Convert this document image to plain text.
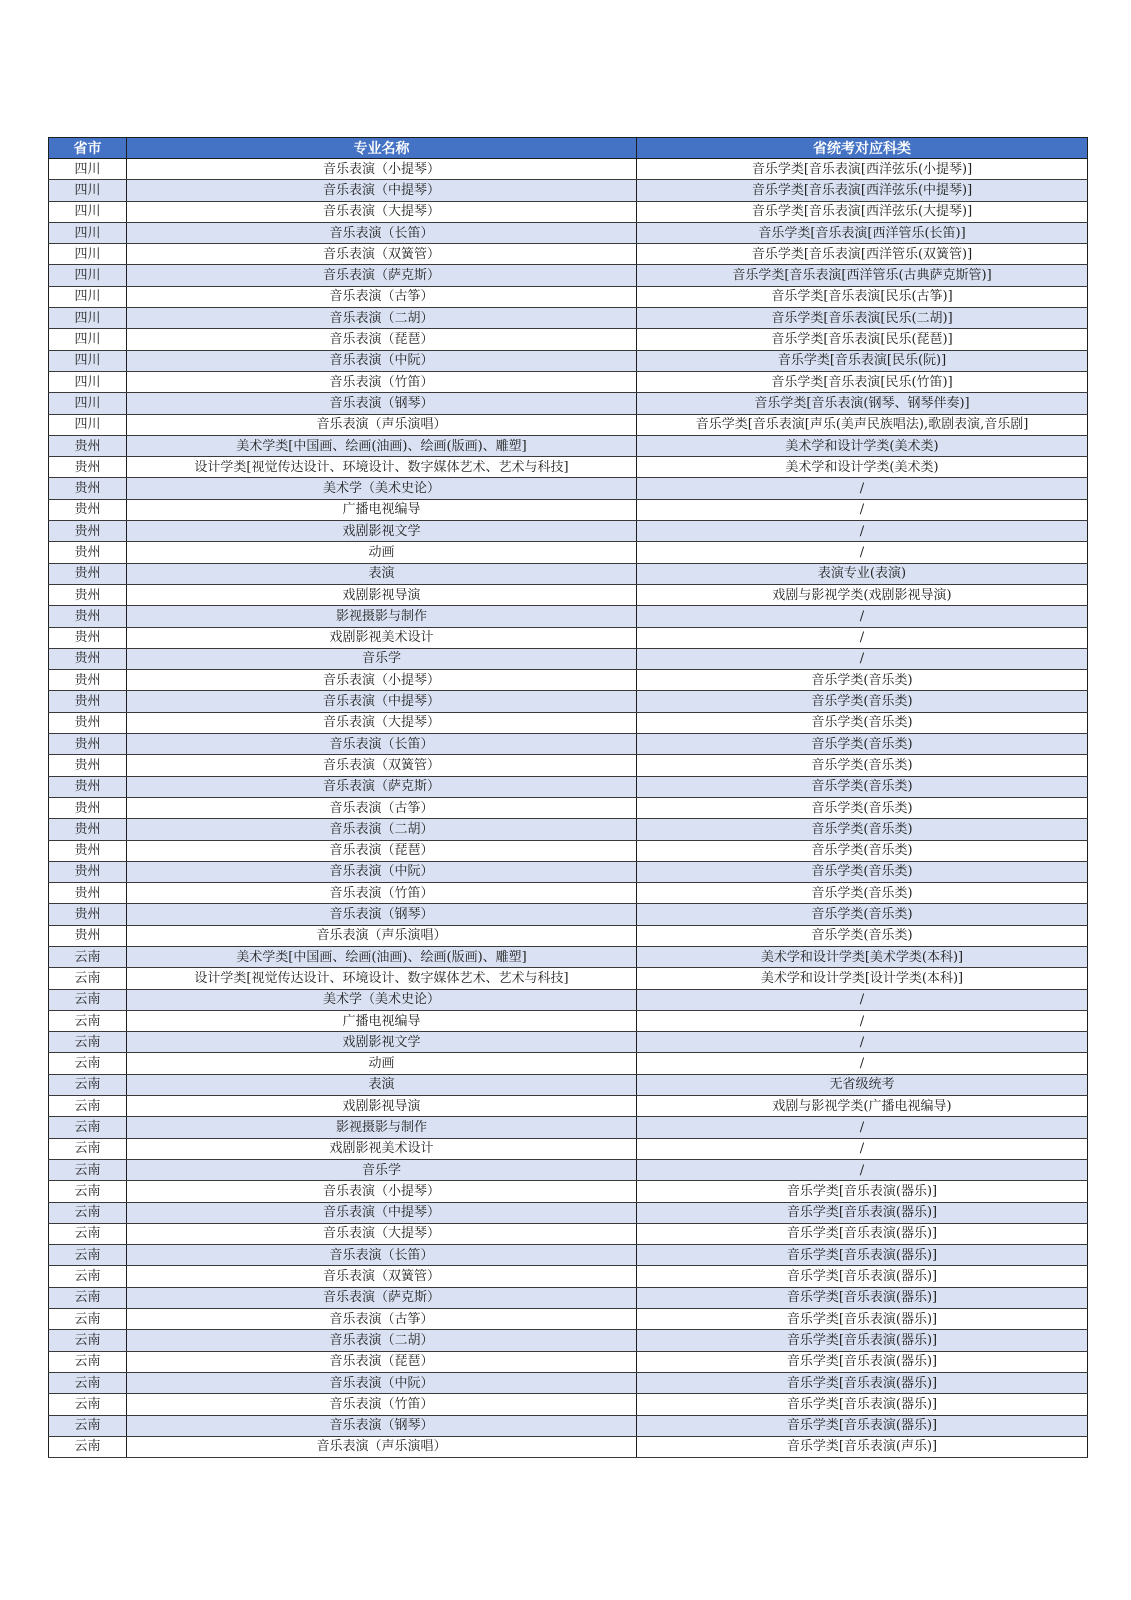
省市	专业名称	省统考对应科类
四川	音乐表演（小提琴）	音乐学类[音乐表演[西洋弦乐(小提琴)]
四川	音乐表演（中提琴）	音乐学类[音乐表演[西洋弦乐(中提琴)]
四川	音乐表演（大提琴）	音乐学类[音乐表演[西洋弦乐(大提琴)]
四川	音乐表演（长笛）	音乐学类[音乐表演[西洋管乐(长笛)]
四川	音乐表演（双簧管）	音乐学类[音乐表演[西洋管乐(双簧管)]
四川	音乐表演（萨克斯）	音乐学类[音乐表演[西洋管乐(古典萨克斯管)]
四川	音乐表演（古筝）	音乐学类[音乐表演[民乐(古筝)]
四川	音乐表演（二胡）	音乐学类[音乐表演[民乐(二胡)]
四川	音乐表演（琵琶）	音乐学类[音乐表演[民乐(琵琶)]
四川	音乐表演（中阮）	音乐学类[音乐表演[民乐(阮)]
四川	音乐表演（竹笛）	音乐学类[音乐表演[民乐(竹笛)]
四川	音乐表演（钢琴）	音乐学类[音乐表演(钢琴、钢琴伴奏)]
四川	音乐表演（声乐演唱）	音乐学类[音乐表演[声乐(美声民族唱法),歌剧表演,音乐剧]
贵州	美术学类[中国画、绘画(油画)、绘画(版画)、雕塑]	美术学和设计学类(美术类)
贵州	设计学类[视觉传达设计、环境设计、数字媒体艺术、艺术与科技]	美术学和设计学类(美术类)
贵州	美术学（美术史论）	/
贵州	广播电视编导	/
贵州	戏剧影视文学	/
贵州	动画	/
贵州	表演	表演专业(表演)
贵州	戏剧影视导演	戏剧与影视学类(戏剧影视导演)
贵州	影视摄影与制作	/
贵州	戏剧影视美术设计	/
贵州	音乐学	/
贵州	音乐表演（小提琴）	音乐学类(音乐类)
贵州	音乐表演（中提琴）	音乐学类(音乐类)
贵州	音乐表演（大提琴）	音乐学类(音乐类)
贵州	音乐表演（长笛）	音乐学类(音乐类)
贵州	音乐表演（双簧管）	音乐学类(音乐类)
贵州	音乐表演（萨克斯）	音乐学类(音乐类)
贵州	音乐表演（古筝）	音乐学类(音乐类)
贵州	音乐表演（二胡）	音乐学类(音乐类)
贵州	音乐表演（琵琶）	音乐学类(音乐类)
贵州	音乐表演（中阮）	音乐学类(音乐类)
贵州	音乐表演（竹笛）	音乐学类(音乐类)
贵州	音乐表演（钢琴）	音乐学类(音乐类)
贵州	音乐表演（声乐演唱）	音乐学类(音乐类)
云南	美术学类[中国画、绘画(油画)、绘画(版画)、雕塑]	美术学和设计学类[美术学类(本科)]
云南	设计学类[视觉传达设计、环境设计、数字媒体艺术、艺术与科技]	美术学和设计学类[设计学类(本科)]
云南	美术学（美术史论）	/
云南	广播电视编导	/
云南	戏剧影视文学	/
云南	动画	/
云南	表演	无省级统考
云南	戏剧影视导演	戏剧与影视学类(广播电视编导)
云南	影视摄影与制作	/
云南	戏剧影视美术设计	/
云南	音乐学	/
云南	音乐表演（小提琴）	音乐学类[音乐表演(器乐)]
云南	音乐表演（中提琴）	音乐学类[音乐表演(器乐)]
云南	音乐表演（大提琴）	音乐学类[音乐表演(器乐)]
云南	音乐表演（长笛）	音乐学类[音乐表演(器乐)]
云南	音乐表演（双簧管）	音乐学类[音乐表演(器乐)]
云南	音乐表演（萨克斯）	音乐学类[音乐表演(器乐)]
云南	音乐表演（古筝）	音乐学类[音乐表演(器乐)]
云南	音乐表演（二胡）	音乐学类[音乐表演(器乐)]
云南	音乐表演（琵琶）	音乐学类[音乐表演(器乐)]
云南	音乐表演（中阮）	音乐学类[音乐表演(器乐)]
云南	音乐表演（竹笛）	音乐学类[音乐表演(器乐)]
云南	音乐表演（钢琴）	音乐学类[音乐表演(器乐)]
云南	音乐表演（声乐演唱）	音乐学类[音乐表演(声乐)]
